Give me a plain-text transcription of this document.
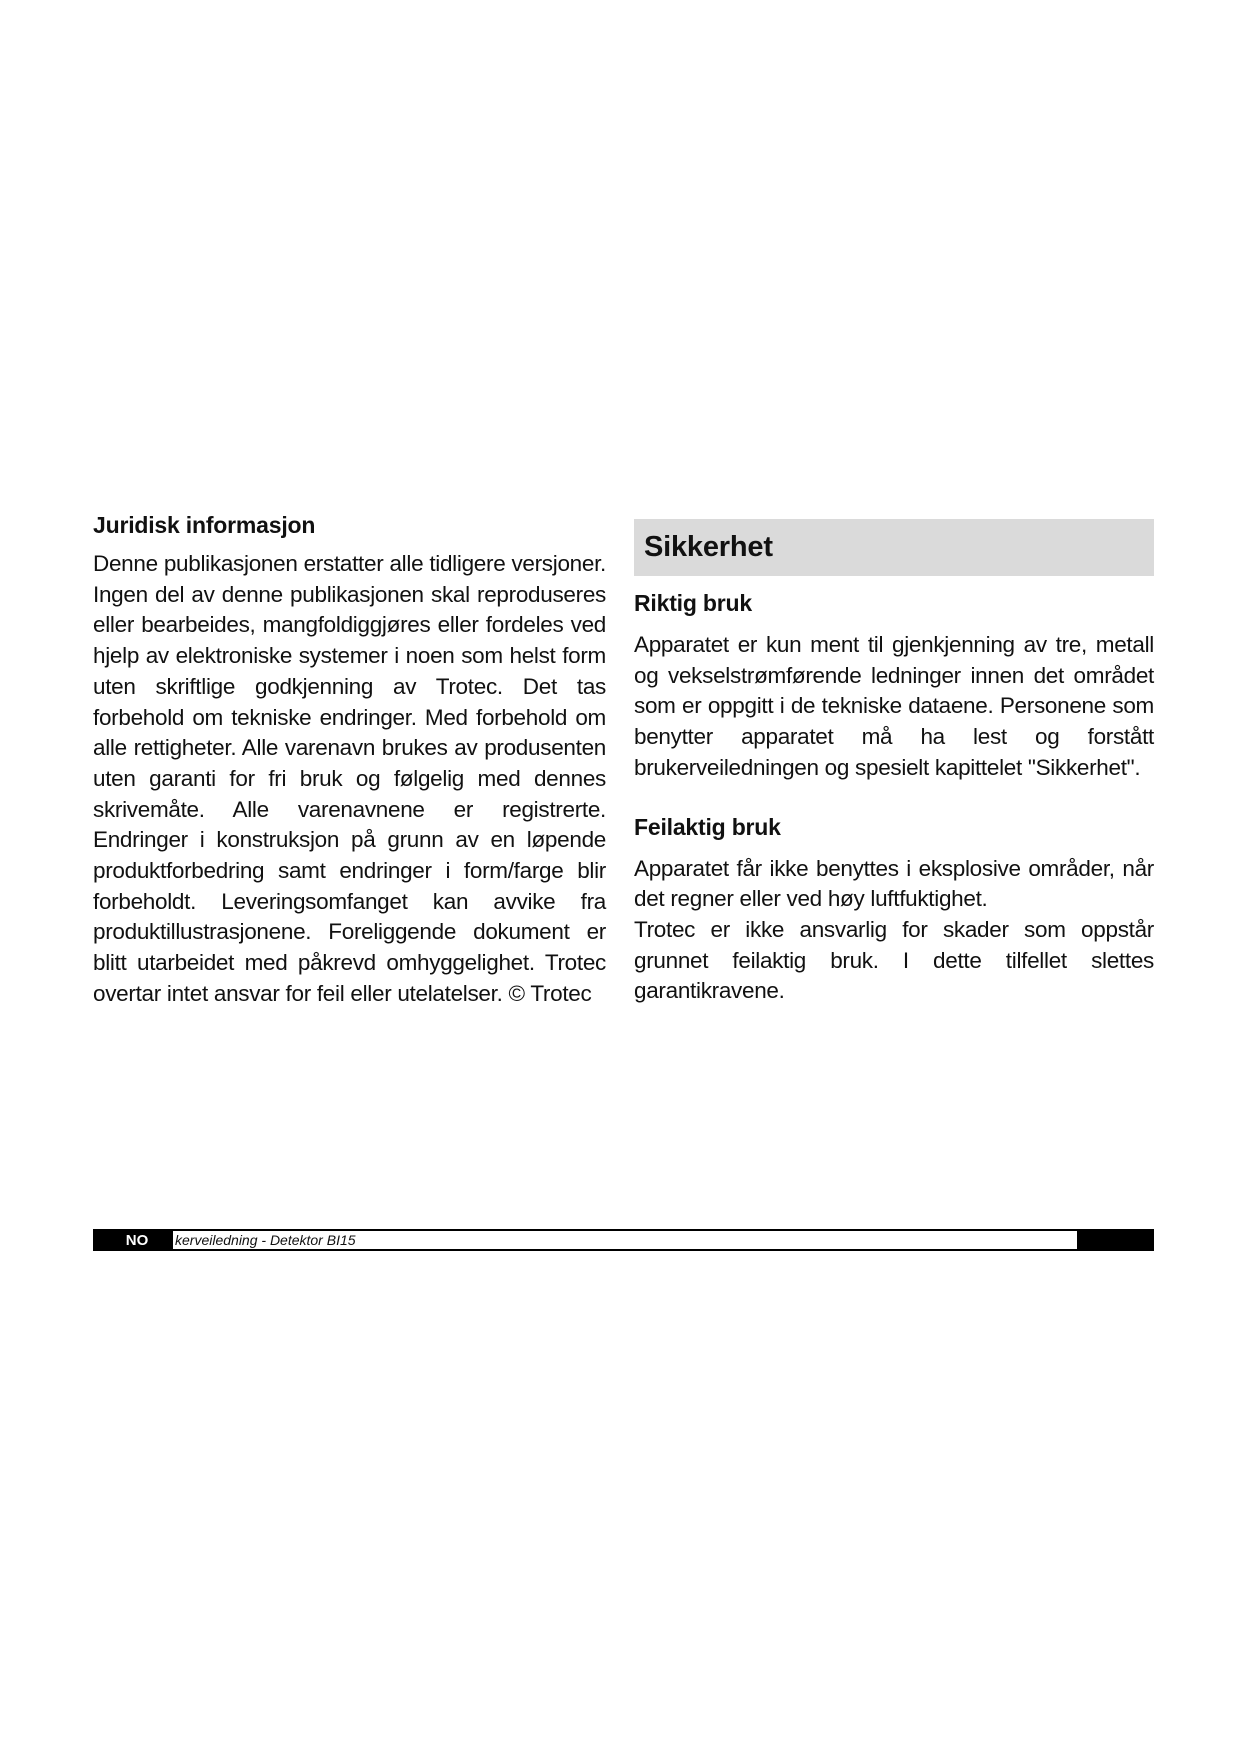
Juridisk informasjon

Denne publikasjonen erstatter alle tidligere versjoner. Ingen del av denne publikasjonen skal reproduseres eller bearbeides, mangfoldiggjøres eller fordeles ved hjelp av elektroniske systemer i noen som helst form uten skriftlige godkjenning av Trotec. Det tas forbehold om tekniske endringer. Med forbehold om alle rettigheter. Alle varenavn brukes av produsenten uten garanti for fri bruk og følgelig med dennes skrivemåte. Alle varenavnene er registrerte. Endringer i konstruksjon på grunn av en løpende produktforbedring samt endringer i form/farge blir forbeholdt. Leveringsomfanget kan avvike fra produktillustrasjonene. Foreliggende dokument er blitt utarbeidet med påkrevd omhyggelighet. Trotec overtar intet ansvar for feil eller utelatelser. © Trotec

Sikkerhet
Riktig bruk

Apparatet er kun ment til gjenkjenning av tre, metall og vekselstrømførende ledninger innen det området som er oppgitt i de tekniske dataene. Personene som benytter apparatet må ha lest og forstått brukerveiledningen og spesielt kapittelet "Sikkerhet".

Feilaktig bruk

Apparatet får ikke benyttes i eksplosive områder, når det regner eller ved høy luftfuktighet.

Trotec er ikke ansvarlig for skader som oppstår grunnet feilaktig bruk. I dette tilfellet slettes garantikravene.

NO	kerveiledning - Detektor BI15
